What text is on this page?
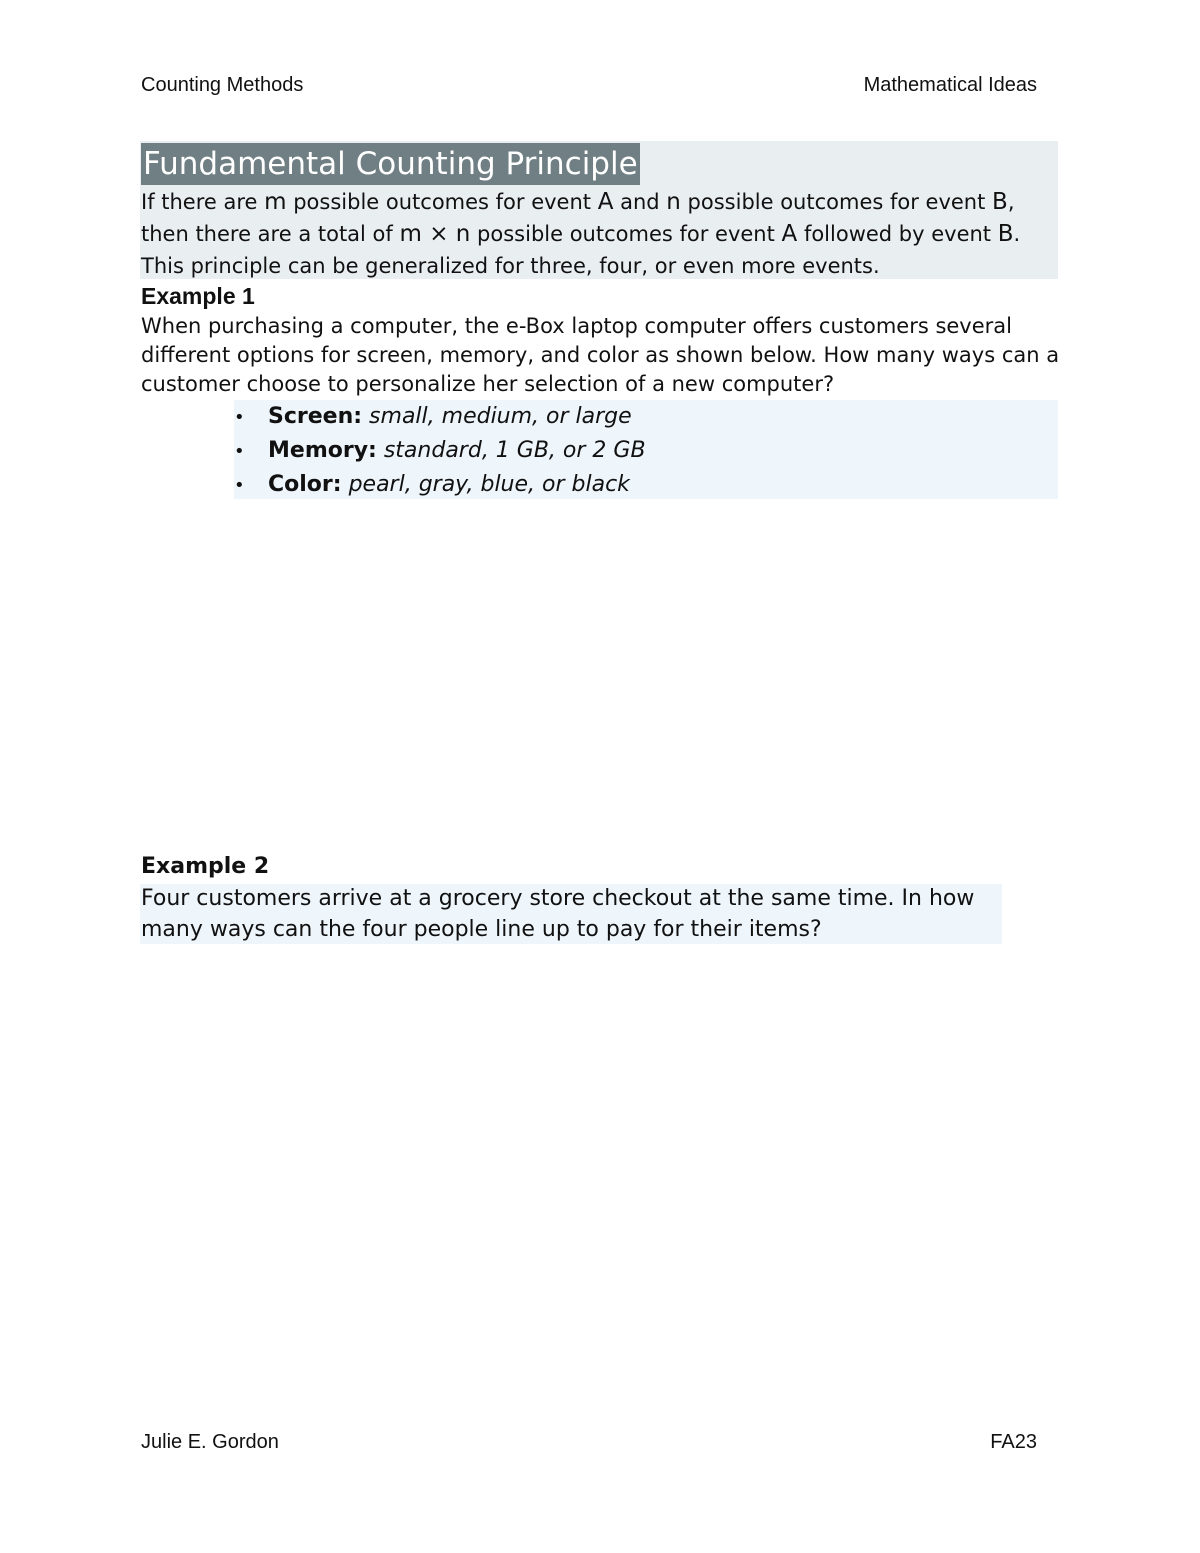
Counting Methods	Mathematical Ideas
Fundamental Counting Principle
If there are m possible outcomes for event A and n possible outcomes for event B,
then there are a total of m × n possible outcomes for event A followed by event B.
This principle can be generalized for three, four, or even more events.
Example 1
When purchasing a computer, the e-Box laptop computer offers customers several
different options for screen, memory, and color as shown below. How many ways can a
customer choose to personalize her selection of a new computer?
• Screen: small, medium, or large
• Memory: standard, 1 GB, or 2 GB
• Color: pearl, gray, blue, or black
Example 2
Four customers arrive at a grocery store checkout at the same time. In how
many ways can the four people line up to pay for their items?
Julie E. Gordon	FA23
